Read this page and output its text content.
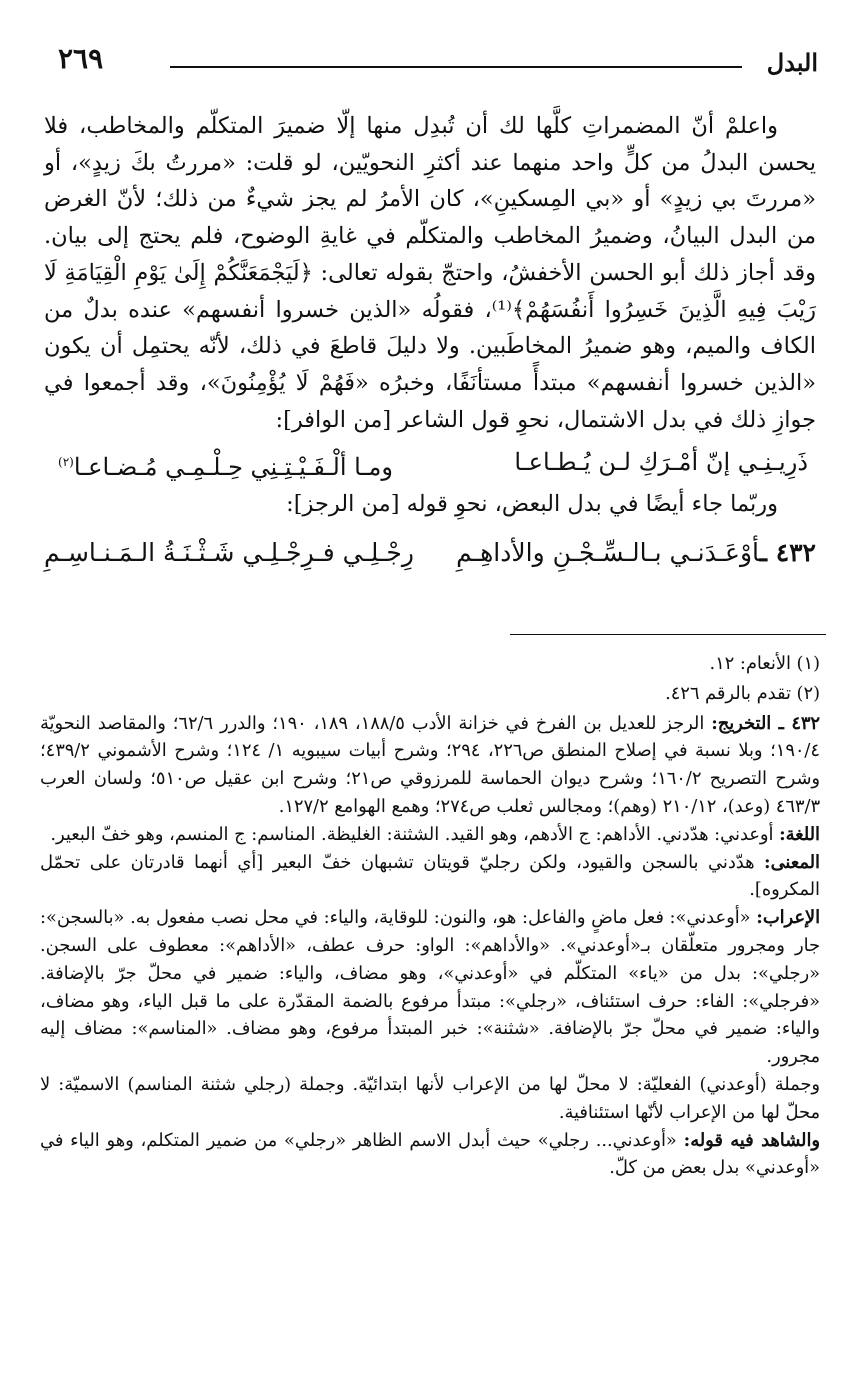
البدل
٢٦٩

واعلمْ أنّ المضمراتِ كلَّها لك أن تُبدِل منها إلّا ضميرَ المتكلّم والمخاطب، فلا يحسن البدلُ من كلٍّ واحد منهما عند أكثرِ النحويّين، لو قلت: «مررتُ بكَ زيدٍ»، أو «مررتَ بي زيدٍ» أو «بي المِسكينِ»، كان الأمرُ لم يجز شيءٌ من ذلك؛ لأنّ الغرض من البدل البيانُ، وضميرُ المخاطب والمتكلّم في غايةِ الوضوح، فلم يحتج إلى بيان. وقد أجاز ذلك أبو الحسن الأخفشُ، واحتجّ بقوله تعالى: ﴿لَيَجْمَعَنَّكُمْ إِلَىٰ يَوْمِ الْقِيَامَةِ لَا رَيْبَ فِيهِ الَّذِينَ خَسِرُوا أَنفُسَهُمْ﴾⁽¹⁾، فقولُه «الذين خسروا أنفسهم» عنده بدلٌ من الكاف والميم، وهو ضميرُ المخاطَبين. ولا دليلَ قاطعَ في ذلك، لأنّه يحتمِل أن يكون «الذين خسروا أنفسهم» مبتدأً مستأنَفًا، وخبرُه «فَهُمْ لَا يُؤْمِنُونَ»، وقد أجمعوا في جوازِ ذلك في بدل الاشتمال، نحوِ قول الشاعر [من الوافر]:

ذَرِيـنِـي إنّ أمْـرَكِ لـن يُـطـاعـا
ومـا ألْـفَـيْـتِـنِي حِـلْـمِـي مُـضـاعـا$^{(٢)}$

وربّما جاء أيضًا في بدل البعض، نحوِ قوله [من الرجز]:

٤٣٢ ـأوْعَـدَنـي بـالـسِّـجْـنِ والأداهِـمِ
رِجْـلِـي فـرِجْـلِـي شَـثْـنَـةُ الـمَـنـاسِـمِ

(١) الأنعام: ١٢.

(٢) تقدم بالرقم ٤٢٦.

٤٣٢ ـ التخريج: الرجز للعديل بن الفرخ في خزانة الأدب ١٨٨/٥، ١٨٩، ١٩٠؛ والدرر ٦٢/٦؛ والمقاصد النحويّة ١٩٠/٤؛ وبلا نسبة في إصلاح المنطق ص٢٢٦، ٢٩٤؛ وشرح أبيات سيبويه ١/ ١٢٤؛ وشرح الأشموني ٤٣٩/٢؛ وشرح التصريح ١٦٠/٢؛ وشرح ديوان الحماسة للمرزوقي ص٢١؛ وشرح ابن عقيل ص٥١٠؛ ولسان العرب ٤٦٣/٣ (وعد)، ٢١٠/١٢ (وهم)؛ ومجالس ثعلب ص٢٧٤؛ وهمع الهوامع ١٢٧/٢.

اللغة: أوعدني: هدّدني. الأداهم: ج الأدهم، وهو القيد. الشثنة: الغليظة. المناسم: ج المنسم، وهو خفّ البعير.

المعنى: هدّدني بالسجن والقيود، ولكن رجليّ قويتان تشبهان خفّ البعير [أي أنهما قادرتان على تحمّل المكروه].

الإعراب: «أوعدني»: فعل ماضٍ والفاعل: هو، والنون: للوقاية، والياء: في محل نصب مفعول به. «بالسجن»: جار ومجرور متعلّقان بـ«أوعدني». «والأداهم»: الواو: حرف عطف، «الأداهم»: معطوف على السجن. «رجلي»: بدل من «ياء» المتكلّم في «أوعدني»، وهو مضاف، والياء: ضمير في محلّ جرّ بالإضافة. «فرجلي»: الفاء: حرف استئناف، «رجلي»: مبتدأ مرفوع بالضمة المقدّرة على ما قبل الياء، وهو مضاف، والياء: ضمير في محلّ جرّ بالإضافة. «شثنة»: خبر المبتدأ مرفوع، وهو مضاف. «المناسم»: مضاف إليه مجرور.

وجملة (أوعدني) الفعليّة: لا محلّ لها من الإعراب لأنها ابتدائيّة. وجملة (رجلي شثنة المناسم) الاسميّة: لا محلّ لها من الإعراب لأنّها استئنافية.

والشاهد فيه قوله: «أوعدني... رجلي» حيث أبدل الاسم الظاهر «رجلي» من ضمير المتكلم، وهو الياء في «أوعدني» بدل بعض من كلّ.
